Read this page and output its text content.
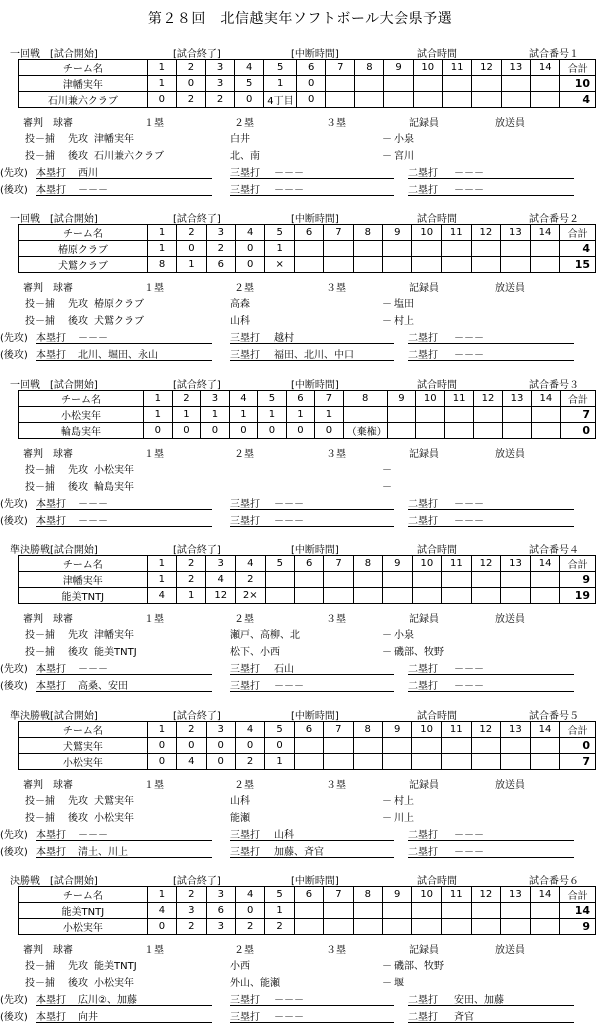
第２８回　北信越実年ソフトボール大会県予選
一回戦 [試合開始]	[試合終了]	[中断時間]	試合時間	試合番号１
チーム名	1	2	3	4	5	6	7	8	9	10	11	12	13	14	合計
津幡実年	1	0	3	5	1	0									10
石川兼六クラブ	0	2	2	0	4丁目	0									4
審判　球審	１塁	２塁	３塁	記録員	放送員
投－捕 先攻 津幡実年	白井	－ 小泉
投－捕 後攻 石川兼六クラブ	北、南	－ 宮川
(先攻) 本塁打 西川	三塁打 －－－	二塁打 －－－
(後攻) 本塁打 －－－	三塁打 －－－	二塁打 －－－
一回戦 [試合開始]	[試合終了]	[中断時間]	試合時間	試合番号２
チーム名	1	2	3	4	5	6	7	8	9	10	11	12	13	14	合計
椿原クラブ	1	0	2	0	1										4
犬鷲クラブ	8	1	6	0	×										15
審判　球審	１塁	２塁	３塁	記録員	放送員
投－捕 先攻 椿原クラブ	高森	－ 塩田
投－捕 後攻 犬鷲クラブ	山科	－ 村上
(先攻) 本塁打 －－－	三塁打 越村	二塁打 －－－
(後攻) 本塁打 北川、堀田、永山	三塁打 福田、北川、中口	二塁打 －－－
一回戦 [試合開始]	[試合終了]	[中断時間]	試合時間	試合番号３
チーム名	1	2	3	4	5	6	7	8	9	10	11	12	13	14	合計
小松実年	1	1	1	1	1	1	1								7
輪島実年	0	0	0	0	0	0	0	（棄権）							0
審判　球審	１塁	２塁	３塁	記録員	放送員
投－捕 先攻 小松実年	－
投－捕 後攻 輪島実年	－
(先攻) 本塁打 －－－	三塁打 －－－	二塁打 －－－
(後攻) 本塁打 －－－	三塁打 －－－	二塁打 －－－
準決勝戦 [試合開始]	[試合終了]	[中断時間]	試合時間	試合番号４
チーム名	1	2	3	4	5	6	7	8	9	10	11	12	13	14	合計
津幡実年	1	2	4	2											9
能美TNTJ	4	1	12	2×											19
審判　球審	１塁	２塁	３塁	記録員	放送員
投－捕 先攻 津幡実年	瀬戸、高柳、北	－ 小泉
投－捕 後攻 能美TNTJ	松下、小西	－ 磯部、牧野
(先攻) 本塁打 －－－	三塁打 石山	二塁打 －－－
(後攻) 本塁打 高桑、安田	三塁打 －－－	二塁打 －－－
準決勝戦 [試合開始]	[試合終了]	[中断時間]	試合時間	試合番号５
チーム名	1	2	3	4	5	6	7	8	9	10	11	12	13	14	合計
犬鷲実年	0	0	0	0	0										0
小松実年	0	4	0	2	1										7
審判　球審	１塁	２塁	３塁	記録員	放送員
投－捕 先攻 犬鷲実年	山科	－ 村上
投－捕 後攻 小松実年	能瀬	－ 川上
(先攻) 本塁打 －－－	三塁打 山科	二塁打 －－－
(後攻) 本塁打 清土、川上	三塁打 加藤、斉官	二塁打 －－－
決勝戦 [試合開始]	[試合終了]	[中断時間]	試合時間	試合番号６
チーム名	1	2	3	4	5	6	7	8	9	10	11	12	13	14	合計
能美TNTJ	4	3	6	0	1										14
小松実年	0	2	3	2	2										9
審判　球審	１塁	２塁	３塁	記録員	放送員
投－捕 先攻 能美TNTJ	小西	－ 磯部、牧野
投－捕 後攻 小松実年	外山、能瀬	－ 堰
(先攻) 本塁打 広川②、加藤	三塁打 －－－	二塁打 安田、加藤
(後攻) 本塁打 向井	三塁打 －－－	二塁打 斉官
